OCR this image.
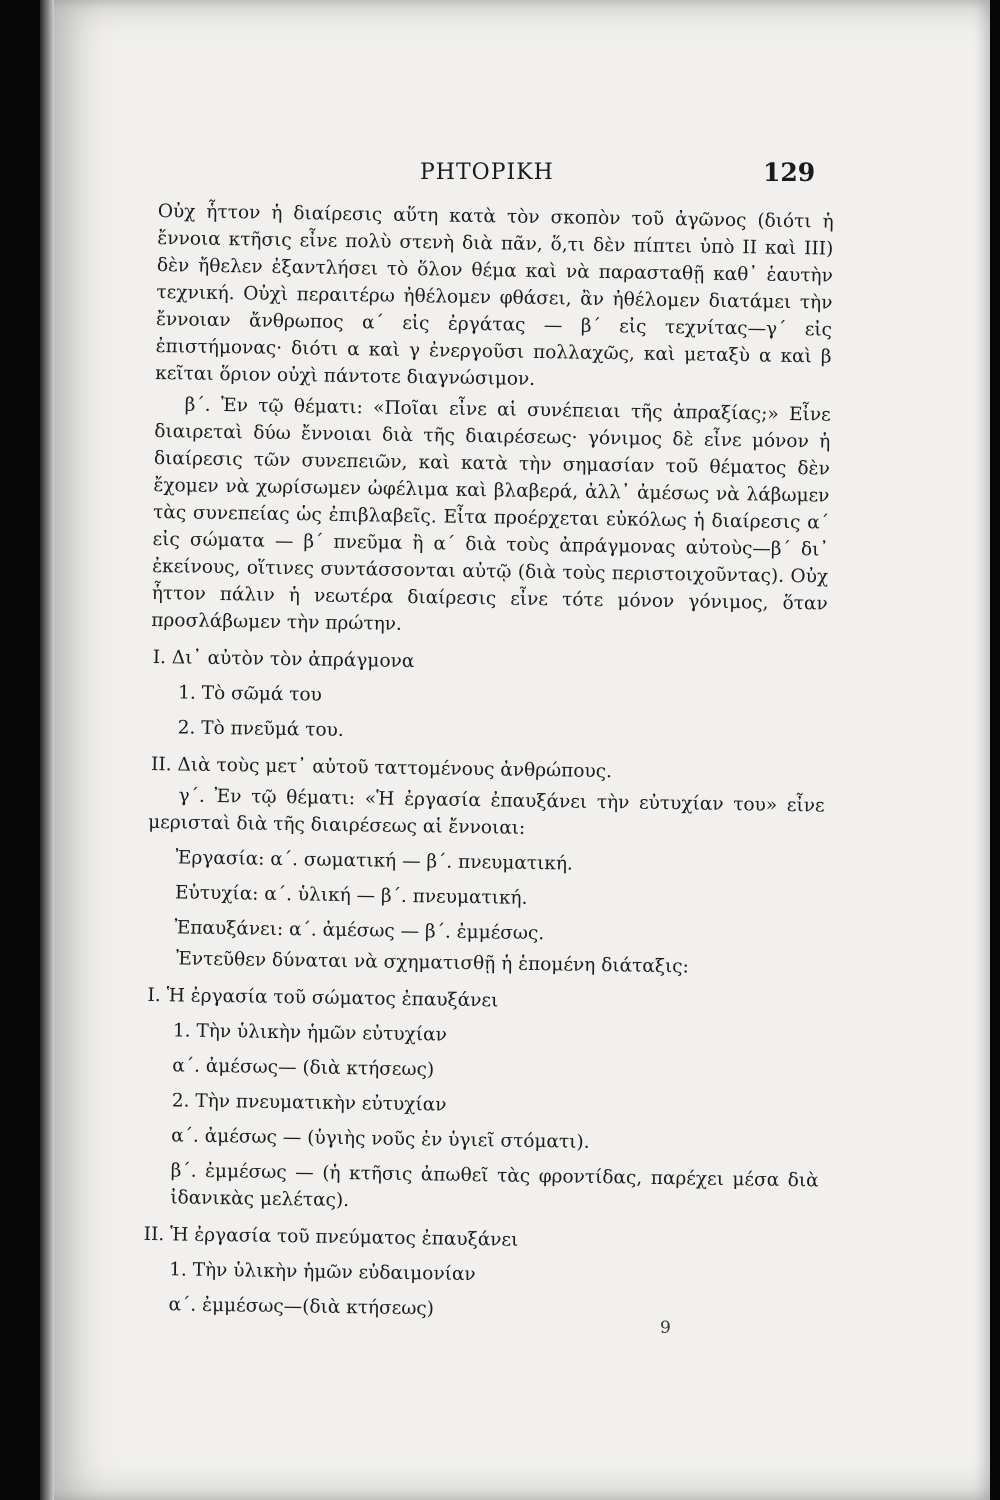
ΡΗΤΟΡΙΚΗ	129

Οὐχ ἧττον ἡ διαίρεσις αὕτη κατὰ τὸν σκοπὸν τοῦ ἀγῶνος (διότι ἡ ἔννοια κτῆσις εἶνε πολὺ στενὴ διὰ πᾶν, ὅ,τι δὲν πίπτει ὑπὸ II καὶ III) δὲν ἤθελεν ἐξαντλήσει τὸ ὅλον θέμα καὶ νὰ παρασταθῇ καθ᾽ ἑαυτὴν τεχνική. Οὐχὶ περαιτέρω ἠθέλομεν φθάσει, ἂν ἠθέλομεν διατάμει τὴν ἔννοιαν ἄνθρωπος α΄ εἰς ἐργάτας — β΄ εἰς τεχνίτας—γ΄ εἰς ἐπιστήμονας· διότι α καὶ γ ἐνεργοῦσι πολλαχῶς, καὶ μεταξὺ α καὶ β κεῖται ὅριον οὐχὶ πάντοτε διαγνώσιμον.

β΄. Ἐν τῷ θέματι: «Ποῖαι εἶνε αἱ συνέπειαι τῆς ἀπραξίας;» Εἶνε διαιρεταὶ δύω ἔννοιαι διὰ τῆς διαιρέσεως· γόνιμος δὲ εἶνε μόνον ἡ διαίρεσις τῶν συνεπειῶν, καὶ κατὰ τὴν σημασίαν τοῦ θέματος δὲν ἔχομεν νὰ χωρίσωμεν ὠφέλιμα καὶ βλαβερά, ἀλλ᾽ ἀμέσως νὰ λάβωμεν τὰς συνεπείας ὡς ἐπιβλαβεῖς. Εἶτα προέρχεται εὐκόλως ἡ διαίρεσις α΄ εἰς σώματα — β΄ πνεῦμα ἢ α΄ διὰ τοὺς ἀπράγμονας αὐτοὺς—β΄ δι᾽ ἐκείνους, οἵτινες συντάσσονται αὐτῷ (διὰ τοὺς περιστοιχοῦντας). Οὐχ ἧττον πάλιν ἡ νεωτέρα διαίρεσις εἶνε τότε μόνον γόνιμος, ὅταν προσλάβωμεν τὴν πρώτην.

I. Δι᾽ αὐτὸν τὸν ἀπράγμονα

1. Τὸ σῶμά του

2. Τὸ πνεῦμά του.

II. Διὰ τοὺς μετ᾽ αὐτοῦ ταττομένους ἀνθρώπους.

γ΄. Ἐν τῷ θέματι: «Ἡ ἐργασία ἐπαυξάνει τὴν εὐτυχίαν του» εἶνε μερισταὶ διὰ τῆς διαιρέσεως αἱ ἔννοιαι:

Ἐργασία: α΄. σωματική — β΄. πνευματική.

Εὐτυχία: α΄. ὑλική — β΄. πνευματική.

Ἐπαυξάνει: α΄. ἀμέσως — β΄. ἐμμέσως.

Ἐντεῦθεν δύναται νὰ σχηματισθῇ ἡ ἑπομένη διάταξις:

I. Ἡ ἐργασία τοῦ σώματος ἐπαυξάνει

1. Τὴν ὑλικὴν ἡμῶν εὐτυχίαν

α΄. ἀμέσως— (διὰ κτήσεως)

2. Τὴν πνευματικὴν εὐτυχίαν

α΄. ἀμέσως — (ὑγιὴς νοῦς ἐν ὑγιεῖ στόματι).

β΄. ἐμμέσως — (ἡ κτῆσις ἀπωθεῖ τὰς φροντίδας, παρέχει μέσα διὰ ἰδανικὰς μελέτας).

II. Ἡ ἐργασία τοῦ πνεύματος ἐπαυξάνει

1. Τὴν ὑλικὴν ἡμῶν εὐδαιμονίαν

α΄. ἐμμέσως—(διὰ κτήσεως)

9
